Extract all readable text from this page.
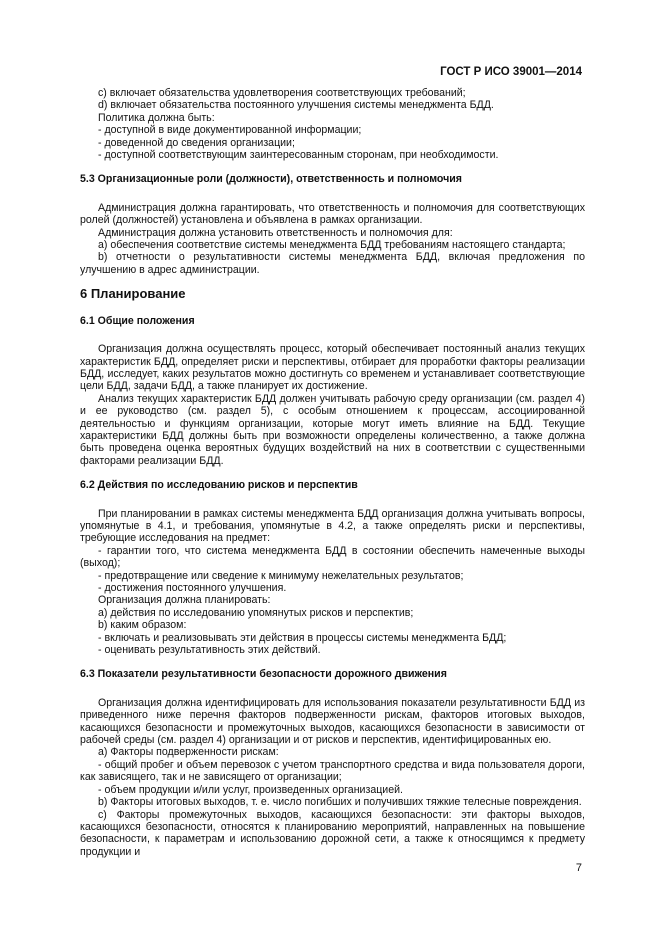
ГОСТ Р ИСО 39001—2014

c) включает обязательства удовлетворения соответствующих требований;

d) включает обязательства постоянного улучшения системы менеджмента БДД.

Политика должна быть:

- доступной в виде документированной информации;

- доведенной до сведения организации;

- доступной соответствующим заинтересованным сторонам, при необходимости.

5.3 Организационные роли (должности), ответственность и полномочия

Администрация должна гарантировать, что ответственность и полномочия для соответствующих ролей (должностей) установлена и объявлена в рамках организации.

Администрация должна установить ответственность и полномочия для:

а) обеспечения соответствие системы менеджмента БДД требованиям настоящего стандарта;

b) отчетности о результативности системы менеджмента БДД, включая предложения по улучшению в адрес администрации.

6 Планирование

6.1 Общие положения

Организация должна осуществлять процесс, который обеспечивает постоянный анализ текущих характеристик БДД, определяет риски и перспективы, отбирает для проработки факторы реализации БДД, исследует, каких результатов можно достигнуть со временем и устанавливает соответствующие цели БДД, задачи БДД, а также планирует их достижение.

Анализ текущих характеристик БДД должен учитывать рабочую среду организации (см. раздел 4) и ее руководство (см. раздел 5), с особым отношением к процессам, ассоциированной деятельностью и функциям организации, которые могут иметь влияние на БДД. Текущие характеристики БДД должны быть при возможности определены количественно, а также должна быть проведена оценка вероятных будущих воздействий на них в соответствии с существенными факторами реализации БДД.

6.2 Действия по исследованию рисков и перспектив

При планировании в рамках системы менеджмента БДД организация должна учитывать вопросы, упомянутые в 4.1, и требования, упомянутые в 4.2, а также определять риски и перспективы, требующие исследования на предмет:

- гарантии того, что система менеджмента БДД в состоянии обеспечить намеченные выходы (выход);

- предотвращение или сведение к минимуму нежелательных результатов;

- достижения постоянного улучшения.

Организация должна планировать:

а) действия по исследованию упомянутых рисков и перспектив;

b) каким образом:

- включать и реализовывать эти действия в процессы системы менеджмента БДД;

- оценивать результативность этих действий.

6.3 Показатели результативности безопасности дорожного движения

Организация должна идентифицировать для использования показатели результативности БДД из приведенного ниже перечня факторов подверженности рискам, факторов итоговых выходов, касающихся безопасности и промежуточных выходов, касающихся безопасности в зависимости от рабочей среды (см. раздел 4) организации и от рисков и перспектив, идентифицированных ею.

а) Факторы подверженности рискам:

- общий пробег и объем перевозок с учетом транспортного средства и вида пользователя дороги, как зависящего, так и не зависящего от организации;

- объем продукции и/или услуг, произведенных организацией.

b) Факторы итоговых выходов, т. е. число погибших и получивших тяжкие телесные повреждения.

c) Факторы промежуточных выходов, касающихся безопасности: эти факторы выходов, касающихся безопасности, относятся к планированию мероприятий, направленных на повышение безопасности, к параметрам и использованию дорожной сети, а также к относящимся к предмету продукции и

7
